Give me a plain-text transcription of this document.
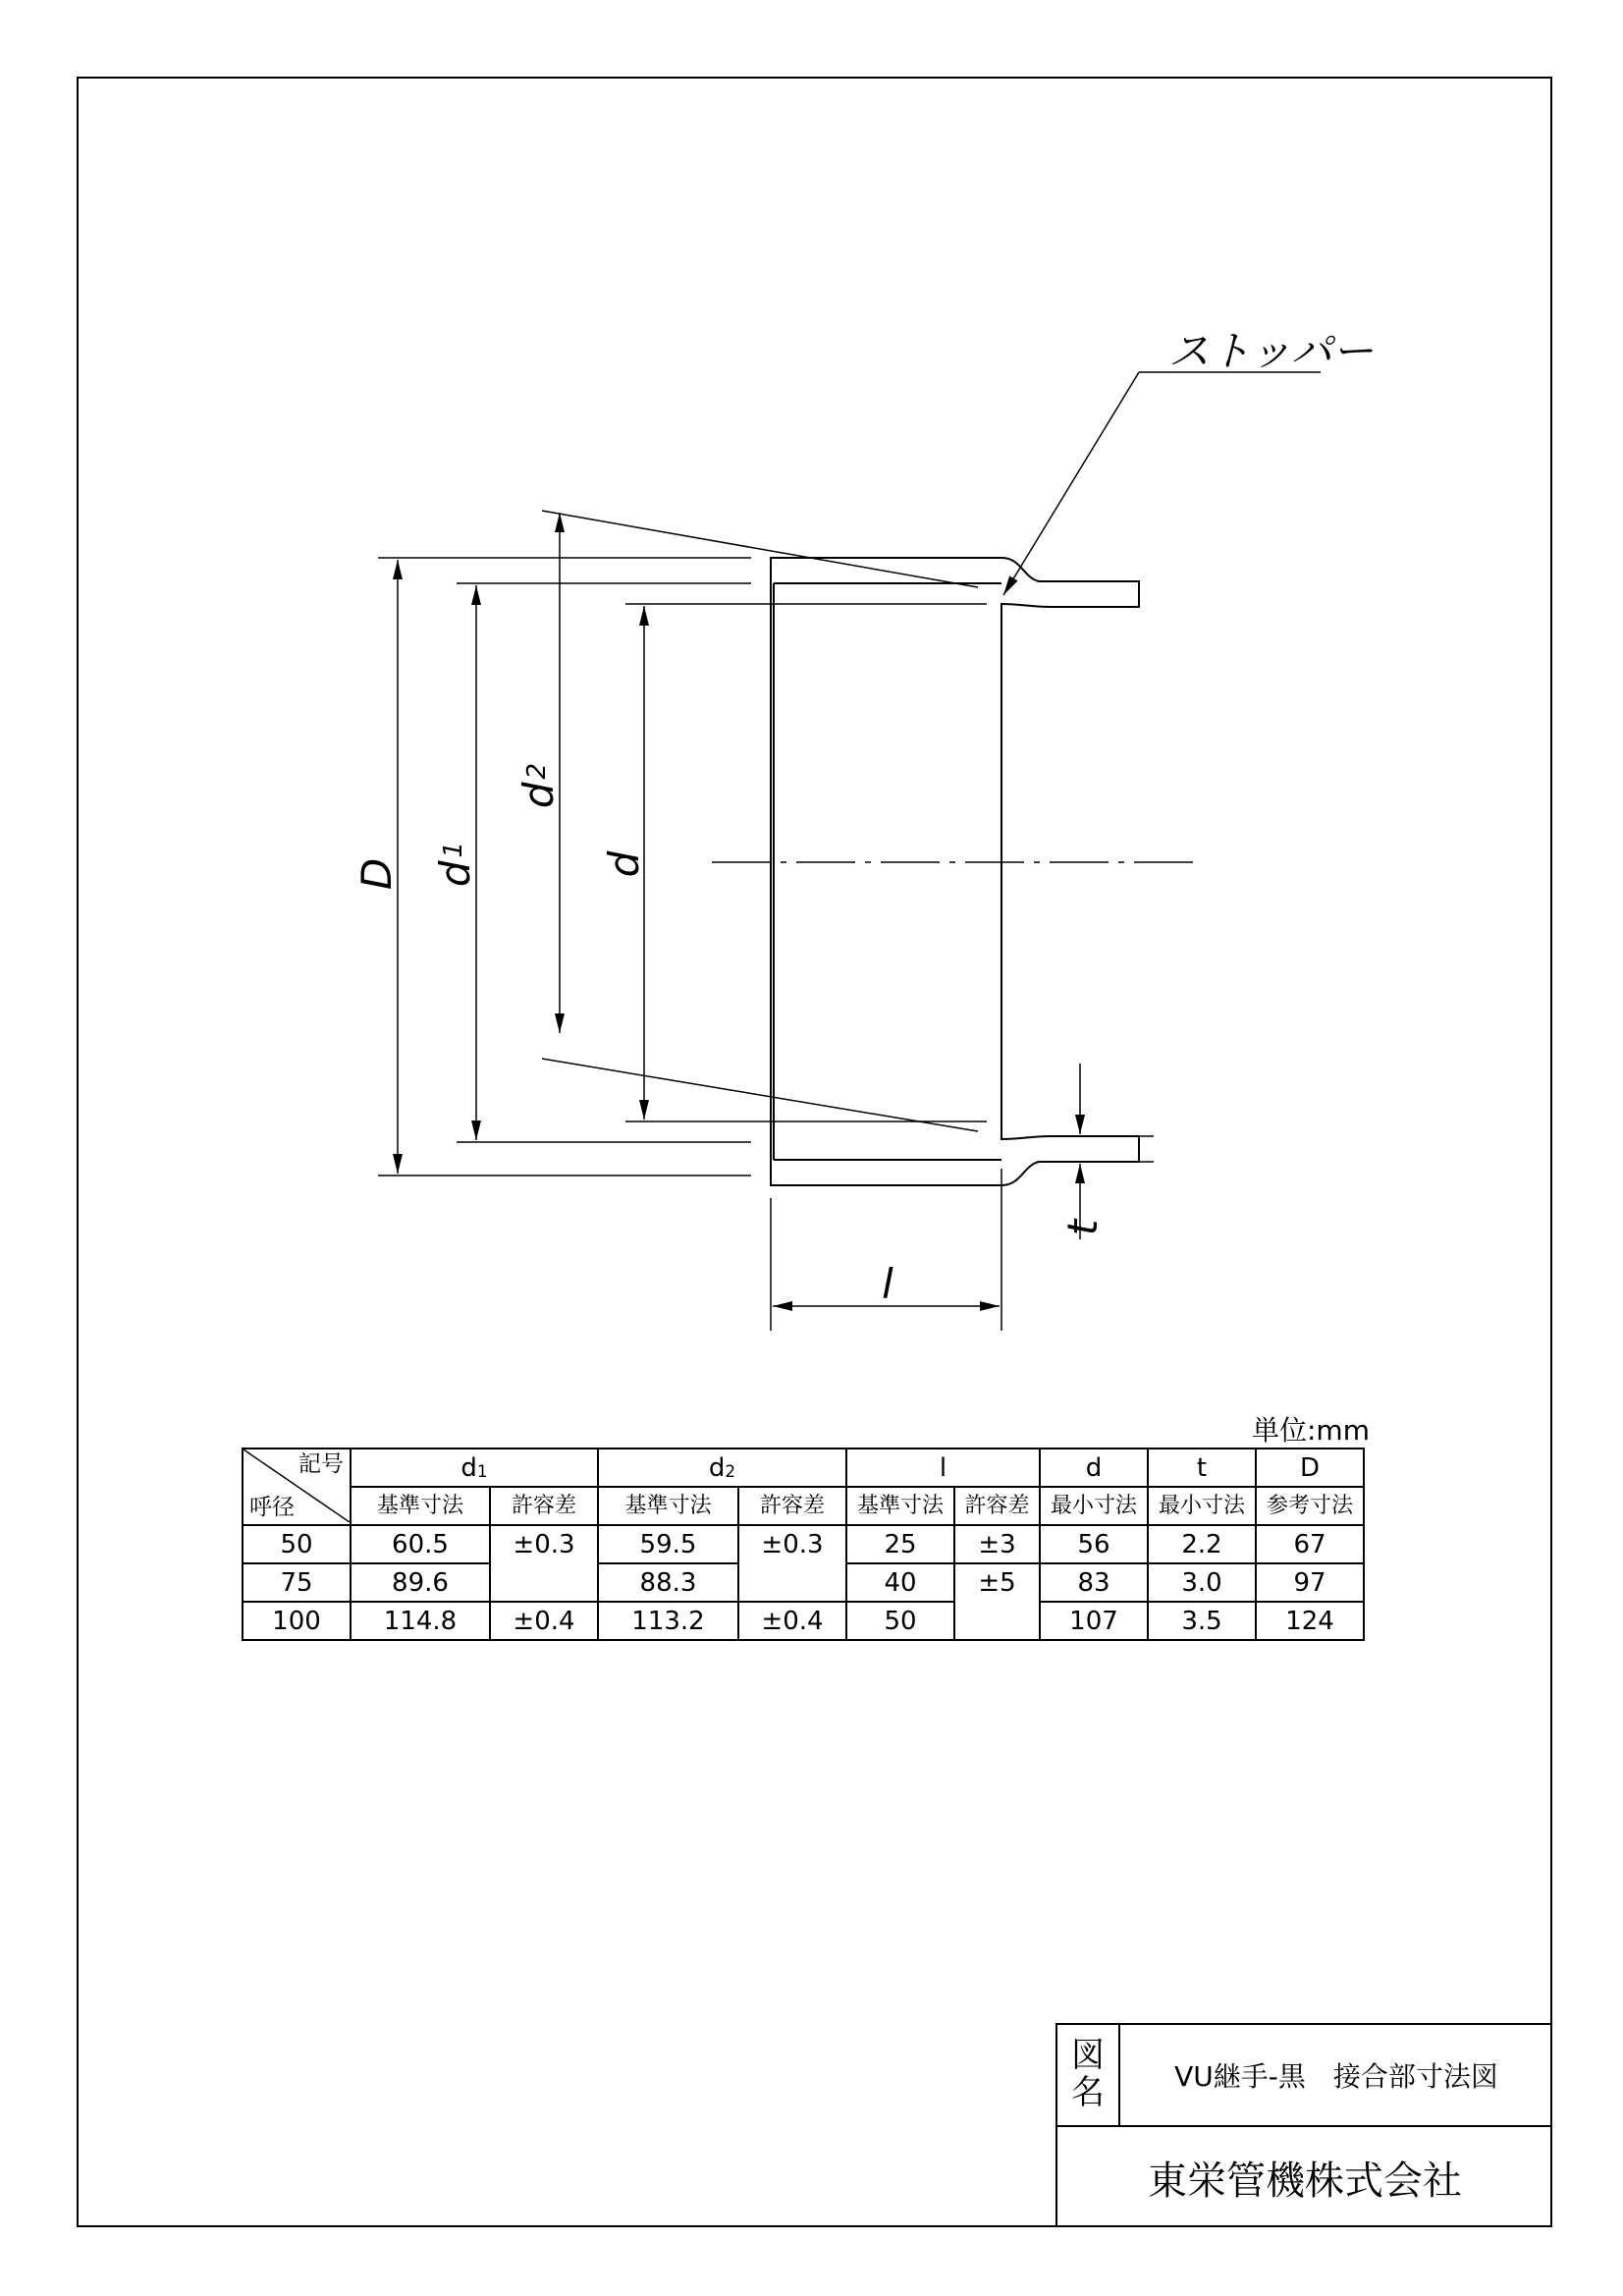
ストッパー
D d1
d2
d
t
l
単位:mm
記号
呼径	d1		d2		l		d	t	D
	基準寸法	許容差	基準寸法	許容差	基準寸法	許容差	最小寸法	最小寸法	参考寸法
50	60.5	±0.3	59.5	±0.3	25	±3	56	2.2	67
75	89.6		88.3		40	±5	83	3.0	97
100	114.8	±0.4	113.2	±0.4	50		107	3.5	124
図
名	VU継手-黒　接合部寸法図
東栄管機株式会社
